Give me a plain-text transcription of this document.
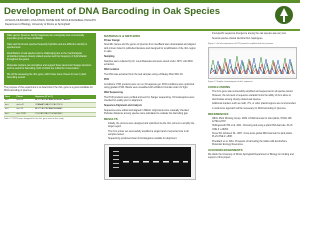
Development of DNA Barcoding in Oak Species
JOSHUA KILBOURN, LISA STEIN, ROSIE ANN NICOLE DASHIELL PHILLIPS
Department of Biology, University of Illinois at Springfield

Oaks (genus Quercus, family Fagaceae) are ecologically and economically important group of trees worldwide.

Oaks and the known species frequently hybridize and are difficult to identify to species level.

Identification of oak species can be challenging due to the morphological similarities between closely related species and the frequency of hybridization throughout the genus.

Molecular markers can strengthen and support these taxonomic lineage decisions and be useful for barcoding, both of which are critical for conservation.

We will be assessing the rbcL gene, which have been chosen for use in plant barcoding overall.

The purpose of this experiment is to determine if the rbcL gene is a good candidate for DNA barcoding in Quercus.

Gene	Primer	Sequence (5' to 3')
rbcL	rbcLa-F	ATGTCACCACAAACAGAGACTAAAGC
rbcL	rbcLa-R	GTAAAATCAAGTCCACCRCG
rbcL	rbcL-1F	ATGTCACCACAAACAGAAAC
rbcL	rbcL-724R	TCGCATGTACCTGCAGTAGC
Table 1. PCR Primers designed for the rbcL gene used in this study
MATERIALS & METHODS
Primer Design

Scientific names and the genus of Quercus from GenBank were downloaded and aligned with primers listed in published literature and designed for amplification of the rbcL region in oaks.

Sampling

Samples were collected by Dr. Louis Beauvais and were stored under -80°C until DNA extraction.

DNA Isolation

The DNA was extracted from the leaf samples using a DNeasy Plant Mini Kit.

PCR

Conditions: PCR products were run on 1% agarose gel. PCR conditions were optimized using gradient PCR. Bands were visualized with ethidium bromide under UV light.

DNA Sequencing

The PCR products were purified and sent for Sanger sequencing. Chromatograms were checked for quality prior to alignment.

Sequence Alignment and Analysis

Sequences were edited and aligned in MEGA. Alignments were manually checked. Pairwise distances among species were calculated to evaluate the barcoding gap.

RESULTS
• Initially, the primers were designed and optimized via the rbcL primers to amplify the target region.
• The rbcL primer set successfully amplified a single band of expected size in all samples tested.
• Sequencing produced clean chromatograms suitable for alignment.
• Interspecific sequence divergence among the oak species was very low.
• Several species shared identical rbcL haplotypes.
Figure 1. Gel electrophoresis of PCR products amplified with rbcL primers.
Figure 2. Sample chromatogram of rbcL sequence.
CONCLUSIONS
• The rbcL gene was successfully amplified and sequenced in all species tested.
• However, the low level of sequence variation limits the ability of rbcL alone to discriminate among closely related oak species.
• Additional markers such as matK, ITS, or other plastid regions are recommended.
• A multi-locus approach will be necessary for DNA barcoding in Quercus.
REFERENCES
• CBOL Plant Working Group. 2009. A DNA barcode for land plants. PNAS 106: 12794-12797.
• Hollingsworth PM et al. 2011. Choosing and using a plant DNA barcode. PLoS ONE 6: e19254.
• Kress WJ, Erickson DL. 2007. A two-locus global DNA barcode for land plants. PLoS ONE 2: e508.
• Piredda R et al. 2011. Prospects of barcoding the Italian wild dendroflora. Molecular Ecology Resources.
ACKNOWLEDGEMENTS

We thank the University of Illinois Springfield Department of Biology for funding and support of this project.
